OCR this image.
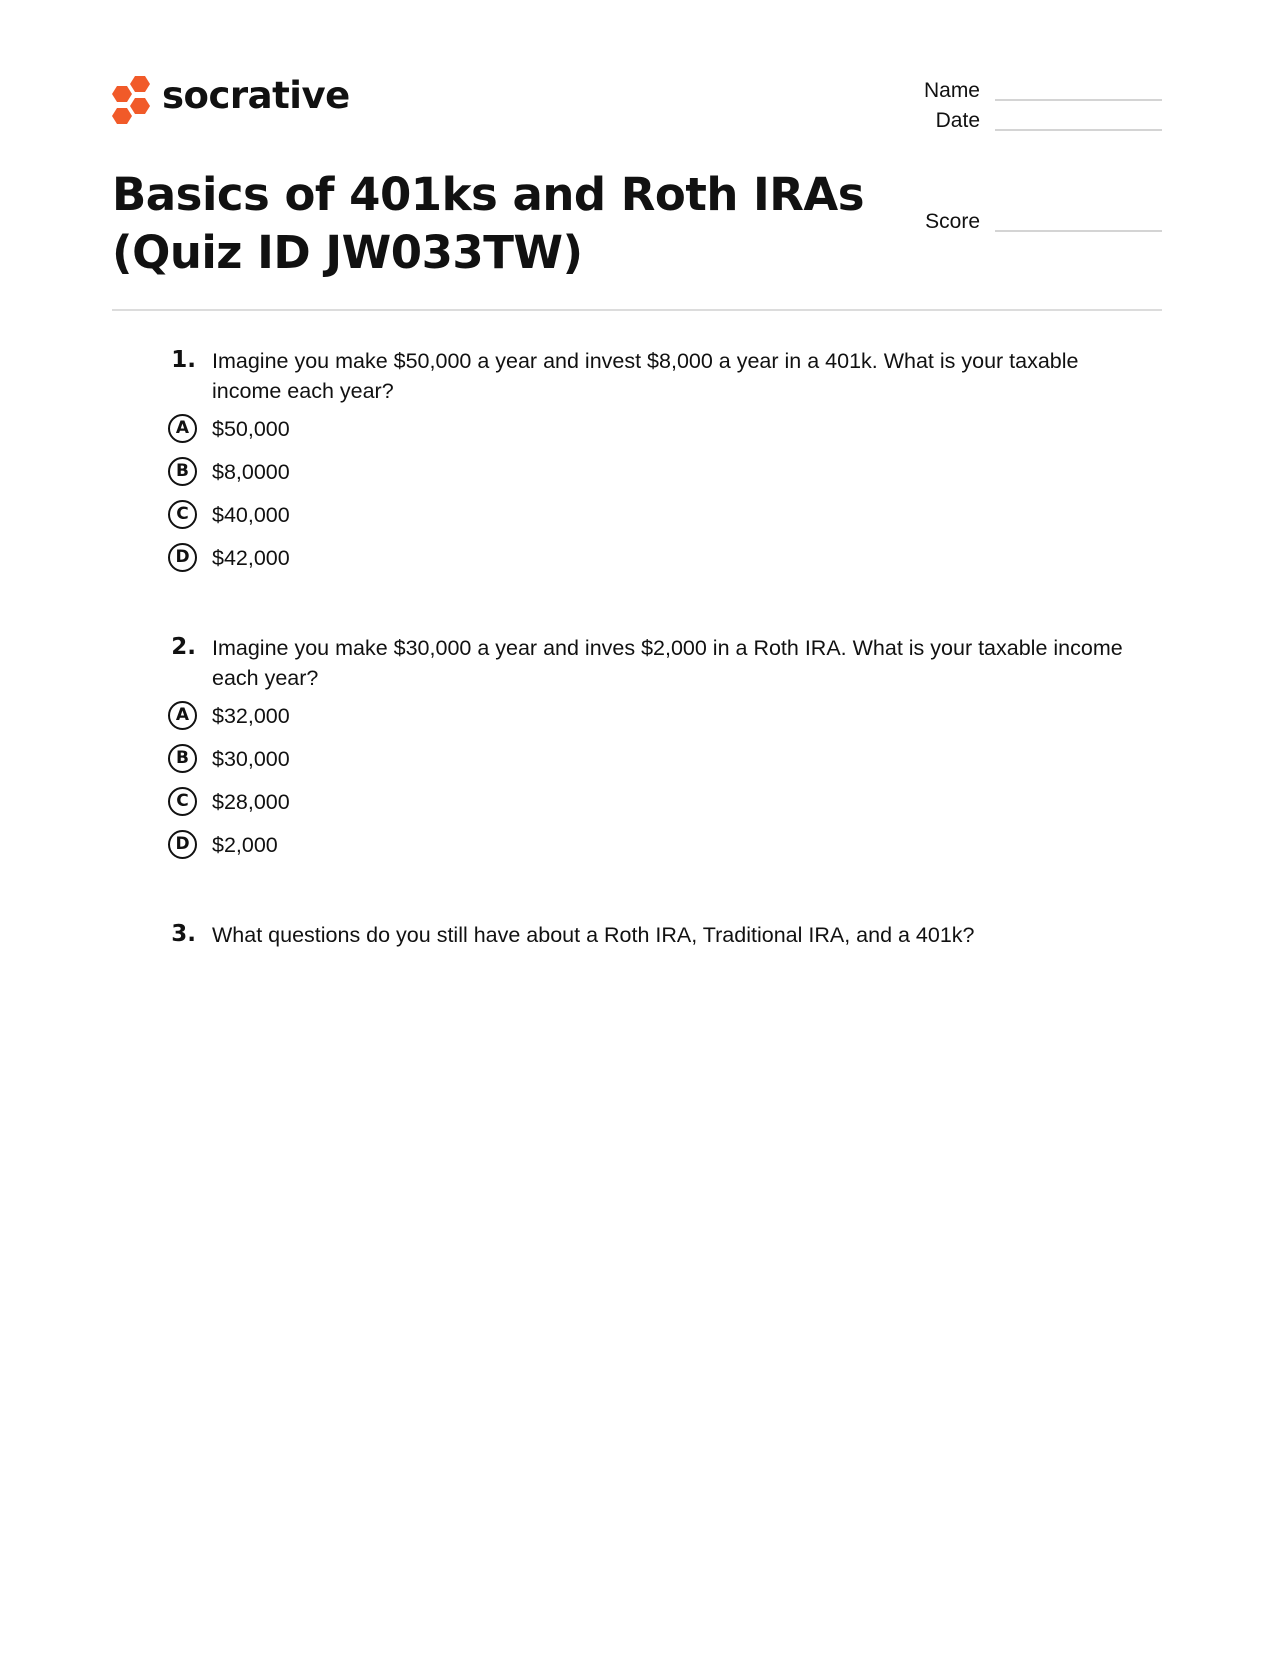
socrative	Name
Date
Score
Basics of 401ks and Roth IRAs
(Quiz ID JW033TW)
1. Imagine you make $50,000 a year and invest $8,000 a year in a 401k. What is your taxable
income each year?
A	$50,000
B	$8,0000
C	$40,000
D	$42,000
2. Imagine you make $30,000 a year and inves $2,000 in a Roth IRA. What is your taxable income
each year?
A	$32,000
B	$30,000
C	$28,000
D	$2,000
3. What questions do you still have about a Roth IRA, Traditional IRA, and a 401k?
